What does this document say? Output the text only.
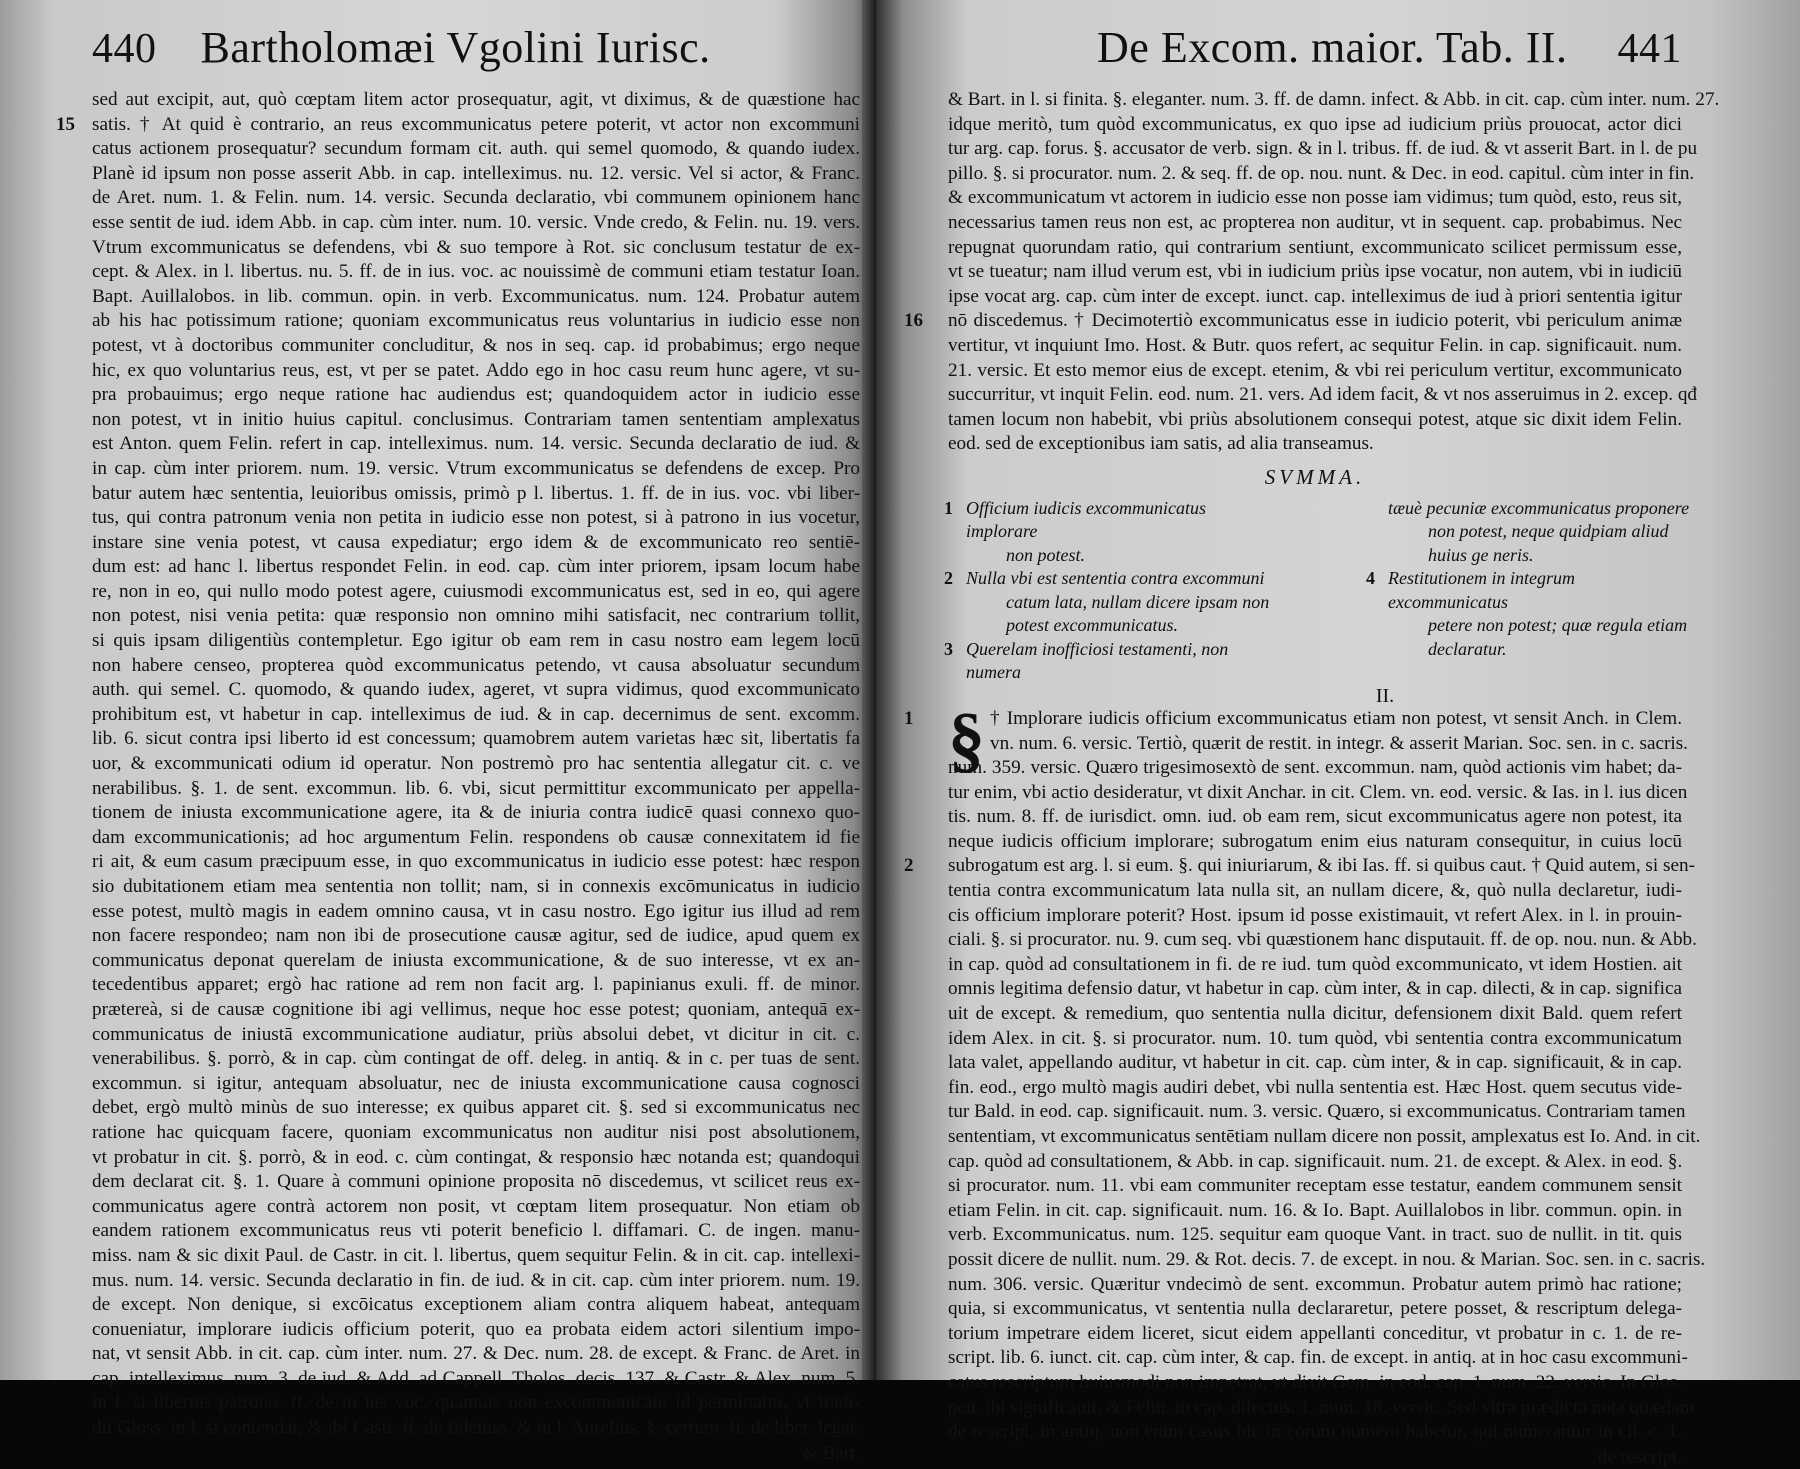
440 Bartholomæi Vgolini Iurisc.
sed aut excipit, aut, quò cœptam litem actor prosequatur, agit, vt diximus, & de quæstione hac
15 satis. † At quid è contrario, an reus excommunicatus petere poterit, vt actor non excommuni
catus actionem prosequatur? secundum formam cit. auth. qui semel quomodo, & quando iudex.
Planè id ipsum non posse asserit Abb. in cap. intelleximus. nu. 12. versic. Vel si actor, & Franc.
de Aret. num. 1. & Felin. num. 14. versic. Secunda declaratio, vbi communem opinionem hanc
esse sentit de iud. idem Abb. in cap. cùm inter. num. 10. versic. Vnde credo, & Felin. nu. 19. vers.
Vtrum excommunicatus se defendens, vbi & suo tempore à Rot. sic conclusum testatur de ex-
cept. & Alex. in l. libertus. nu. 5. ff. de in ius. voc. ac nouissimè de communi etiam testatur Ioan.
Bapt. Auillalobos. in lib. commun. opin. in verb. Excommunicatus. num. 124. Probatur autem
ab his hac potissimum ratione; quoniam excommunicatus reus voluntarius in iudicio esse non
potest, vt à doctoribus communiter concluditur, & nos in seq. cap. id probabimus; ergo neque
hic, ex quo voluntarius reus, est, vt per se patet. Addo ego in hoc casu reum hunc agere, vt su-
pra probauimus; ergo neque ratione hac audiendus est; quandoquidem actor in iudicio esse
non potest, vt in initio huius capitul. conclusimus. Contrariam tamen sententiam amplexatus
est Anton. quem Felin. refert in cap. intelleximus. num. 14. versic. Secunda declaratio de iud. &
in cap. cùm inter priorem. num. 19. versic. Vtrum excommunicatus se defendens de excep. Pro
batur autem hæc sententia, leuioribus omissis, primò p l. libertus. 1. ff. de in ius. voc. vbi liber-
tus, qui contra patronum venia non petita in iudicio esse non potest, si à patrono in ius vocetur,
instare sine venia potest, vt causa expediatur; ergo idem & de excommunicato reo sentiē-
dum est: ad hanc l. libertus respondet Felin. in eod. cap. cùm inter priorem, ipsam locum habe
re, non in eo, qui nullo modo potest agere, cuiusmodi excommunicatus est, sed in eo, qui agere
non potest, nisi venia petita: quæ responsio non omnino mihi satisfacit, nec contrarium tollit,
si quis ipsam diligentiùs contempletur. Ego igitur ob eam rem in casu nostro eam legem locū
non habere censeo, propterea quòd excommunicatus petendo, vt causa absoluatur secundum
auth. qui semel. C. quomodo, & quando iudex, ageret, vt supra vidimus, quod excommunicato
prohibitum est, vt habetur in cap. intelleximus de iud. & in cap. decernimus de sent. excomm.
lib. 6. sicut contra ipsi liberto id est concessum; quamobrem autem varietas hæc sit, libertatis fa
uor, & excommunicati odium id operatur. Non postremò pro hac sententia allegatur cit. c. ve
nerabilibus. §. 1. de sent. excommun. lib. 6. vbi, sicut permittitur excommunicato per appella-
tionem de iniusta excommunicatione agere, ita & de iniuria contra iudicē quasi connexo quo-
dam excommunicationis; ad hoc argumentum Felin. respondens ob causæ connexitatem id fie
ri ait, & eum casum præcipuum esse, in quo excommunicatus in iudicio esse potest: hæc respon
sio dubitationem etiam mea sententia non tollit; nam, si in connexis excōmunicatus in iudicio
esse potest, multò magis in eadem omnino causa, vt in casu nostro. Ego igitur ius illud ad rem
non facere respondeo; nam non ibi de prosecutione causæ agitur, sed de iudice, apud quem ex
communicatus deponat querelam de iniusta excommunicatione, & de suo interesse, vt ex an-
tecedentibus apparet; ergò hac ratione ad rem non facit arg. l. papinianus exuli. ff. de minor.
prætereà, si de causæ cognitione ibi agi vellimus, neque hoc esse potest; quoniam, antequā ex-
communicatus de iniustā excommunicatione audiatur, priùs absolui debet, vt dicitur in cit. c.
venerabilibus. §. porrò, & in cap. cùm contingat de off. deleg. in antiq. & in c. per tuas de sent.
excommun. si igitur, antequam absoluatur, nec de iniusta excommunicatione causa cognosci
debet, ergò multò minùs de suo interesse; ex quibus apparet cit. §. sed si excommunicatus nec
ratione hac quicquam facere, quoniam excommunicatus non auditur nisi post absolutionem,
vt probatur in cit. §. porrò, & in eod. c. cùm contingat, & responsio hæc notanda est; quandoqui
dem declarat cit. §. 1. Quare à communi opinione proposita nō discedemus, vt scilicet reus ex-
communicatus agere contrà actorem non posit, vt cœptam litem prosequatur. Non etiam ob
eandem rationem excommunicatus reus vti poterit beneficio l. diffamari. C. de ingen. manu-
miss. nam & sic dixit Paul. de Castr. in cit. l. libertus, quem sequitur Felin. & in cit. cap. intellexi-
mus. num. 14. versic. Secunda declaratio in fin. de iud. & in cit. cap. cùm inter priorem. num. 19.
de except. Non denique, si excōicatus exceptionem aliam contra aliquem habeat, antequam
conueniatur, implorare iudicis officium poterit, quo ea probata eidem actori silentium impo-
nat, vt sensit Abb. in cit. cap. cùm inter. num. 27. & Dec. num. 28. de except. & Franc. de Aret. in
cap. intelleximus. num. 3. de iud. & Add. ad Cappell. Tholos. decis. 137. & Castr. & Alex. num. 5.
in l. si libertus patrono. ff. de in ius voc. quamuis non excommunicato id permittatur, vt tradi-
dit Gloss. in l. si contendat, & ibi Castr. ff. de fideiuss. & in l. Aurelius. §. certum. ff. de liber. legat.
& Bart.
De Excom. maior. Tab. II. 441
& Bart. in l. si finita. §. eleganter. num. 3. ff. de damn. infect. & Abb. in cit. cap. cùm inter. num. 27.
idque meritò, tum quòd excommunicatus, ex quo ipse ad iudicium priùs prouocat, actor dici
tur arg. cap. forus. §. accusator de verb. sign. & in l. tribus. ff. de iud. & vt asserit Bart. in l. de pu
pillo. §. si procurator. num. 2. & seq. ff. de op. nou. nunt. & Dec. in eod. capitul. cùm inter in fin.
& excommunicatum vt actorem in iudicio esse non posse iam vidimus; tum quòd, esto, reus sit,
necessarius tamen reus non est, ac propterea non auditur, vt in sequent. cap. probabimus. Nec
repugnat quorundam ratio, qui contrarium sentiunt, excommunicato scilicet permissum esse,
vt se tueatur; nam illud verum est, vbi in iudicium priùs ipse vocatur, non autem, vbi in iudiciū
ipse vocat arg. cap. cùm inter de except. iunct. cap. intelleximus de iud à priori sententia igitur
16 nō discedemus. † Decimotertiò excommunicatus esse in iudicio poterit, vbi periculum animæ
vertitur, vt inquiunt Imo. Host. & Butr. quos refert, ac sequitur Felin. in cap. significauit. num.
21. versic. Et esto memor eius de except. etenim, & vbi rei periculum vertitur, excommunicato
succurritur, vt inquit Felin. eod. num. 21. vers. Ad idem facit, & vt nos asseruimus in 2. excep. qđ
tamen locum non habebit, vbi priùs absolutionem consequi potest, atque sic dixit idem Felin.
eod. sed de exceptionibus iam satis, ad alia transeamus.
SVMMA.
1 Officium iudicis excommunicatus implorare
non potest.
2 Nulla vbi est sententia contra excommuni
catum lata, nullam dicere ipsam non potest excommunicatus.
3 Querelam inofficiosi testamenti, non numera
tæuè pecuniæ excommunicatus proponere
non potest, neque quidpiam aliud huius ge neris.
4 Restitutionem in integrum excommunicatus
petere non potest; quæ regula etiam declaratur.
II.
§
1	† Implorare iudicis officium excommunicatus etiam non potest, vt sensit Anch. in Clem.
vn. num. 6. versic. Tertiò, quærit de restit. in integr. & asserit Marian. Soc. sen. in c. sacris.
num. 359. versic. Quæro trigesimosextò de sent. excommun. nam, quòd actionis vim habet; da-
tur enim, vbi actio desideratur, vt dixit Anchar. in cit. Clem. vn. eod. versic. & Ias. in l. ius dicen
tis. num. 8. ff. de iurisdict. omn. iud. ob eam rem, sicut excommunicatus agere non potest, ita
neque iudicis officium implorare; subrogatum enim eius naturam consequitur, in cuius locū
2 subrogatum est arg. l. si eum. §. qui iniuriarum, & ibi Ias. ff. si quibus caut. † Quid autem, si sen-
tentia contra excommunicatum lata nulla sit, an nullam dicere, &, quò nulla declaretur, iudi-
cis officium implorare poterit? Host. ipsum id posse existimauit, vt refert Alex. in l. in prouin-
ciali. §. si procurator. nu. 9. cum seq. vbi quæstionem hanc disputauit. ff. de op. nou. nun. & Abb.
in cap. quòd ad consultationem in fi. de re iud. tum quòd excommunicato, vt idem Hostien. ait
omnis legitima defensio datur, vt habetur in cap. cùm inter, & in cap. dilecti, & in cap. significa
uit de except. & remedium, quo sententia nulla dicitur, defensionem dixit Bald. quem refert
idem Alex. in cit. §. si procurator. num. 10. tum quòd, vbi sententia contra excommunicatum
lata valet, appellando auditur, vt habetur in cit. cap. cùm inter, & in cap. significauit, & in cap.
fin. eod., ergo multò magis audiri debet, vbi nulla sententia est. Hæc Host. quem secutus vide-
tur Bald. in eod. cap. significauit. num. 3. versic. Quæro, si excommunicatus. Contrariam tamen
sententiam, vt excommunicatus sentētiam nullam dicere non possit, amplexatus est Io. And. in cit.
cap. quòd ad consultationem, & Abb. in cap. significauit. num. 21. de except. & Alex. in eod. §.
si procurator. num. 11. vbi eam communiter receptam esse testatur, eandem communem sensit
etiam Felin. in cit. cap. significauit. num. 16. & Io. Bapt. Auillalobos in libr. commun. opin. in
verb. Excommunicatus. num. 125. sequitur eam quoque Vant. in tract. suo de nullit. in tit. quis
possit dicere de nullit. num. 29. & Rot. decis. 7. de except. in nou. & Marian. Soc. sen. in c. sacris.
num. 306. versic. Quæritur vndecimò de sent. excommun. Probatur autem primò hac ratione;
quia, si excommunicatus, vt sententia nulla declararetur, petere posset, & rescriptum delega-
torium impetrare eidem liceret, sicut eidem appellanti conceditur, vt probatur in c. 1. de re-
script. lib. 6. iunct. cit. cap. cùm inter, & cap. fin. de except. in antiq. at in hoc casu excommuni-
catus rescriptum huiusmodi non impetrat, vt dixit Gem. in eod. cap. 1. num. 22. versic. In Glos.
pen. ibi significauit, & Felin. in cap. dilectus. 1. num. 18. versic. Sed vltra prædicta nota quædam
de rescript. in antiq. non enim casus hic in eorum numero habetur, qui numerantur in cit. c. 1.
de rescript.
